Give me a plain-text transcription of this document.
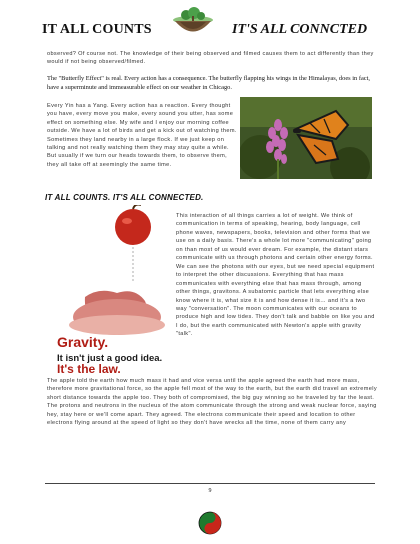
IT ALL COUNTS	IT'S ALL CONNCTED

observed? Of course not. The knowledge of their being observed and filmed causes them to act differently than they would if not being observed/filmed.

The "Butterfly Effect" is real. Every action has a consequence. The butterfly flapping his wings in the Himalayas, does in fact, have a superminute and immeasurable effect on our weather in Chicago.

Every Yin has a Yang. Every action has a reaction. Every thought you have, every move you make, every sound you utter, has some effect on something else. My wife and I enjoy our morning coffee outside. We have a lot of birds and get a kick out of watching them. Sometimes they land nearby in a large flock. If we just keep on talking and not really watching them they may stay quite a while. But usually if we turn our heads towards them, to observe them, they all take off at seemingly the same time.

IT ALL COUNTS. IT'S ALL CONNECTED.
Gravity.
It isn't just a good idea.
It's the law.

This interaction of all things carries a lot of weight. We think of communication in terms of speaking, hearing, body language, cell phone waves, newspapers, books, television and other forms that we use on a daily basis. There's a whole lot more "communicating" going on than most of us would ever dream. For example, the distant stars communicate with us through photons and certain other energy forms. We can see the photons with our eyes, but we need special equipment to interpret the other discussions. Everything that has mass communicates with everything else that has mass through, among other things, gravitons. A subatomic particle that lets everything else know where it is, what size it is and how dense it is… and it's a two way "conversation". The moon communicates with our oceans to produce high and low tides. They don't talk and babble on like you and I do, but the earth communicated with Newton's apple with gravity "talk".

The apple told the earth how much mass it had and vice versa until the apple agreed the earth had more mass, therefore more gravitational force, so the apple fell most of the way to the earth, but the earth did travel an extremely short distance towards the apple too. They both of compromised, the big guy winning so he traveled by far the least. The protons and neutrons in the nucleus of the atom communicate through the strong and weak nuclear force, saying hey, stay here or we'll come apart. They agreed. The electrons communicate their speed and location to other electrons flying around at the speed of light so they don't have wrecks all the time, none of them carry any

9
